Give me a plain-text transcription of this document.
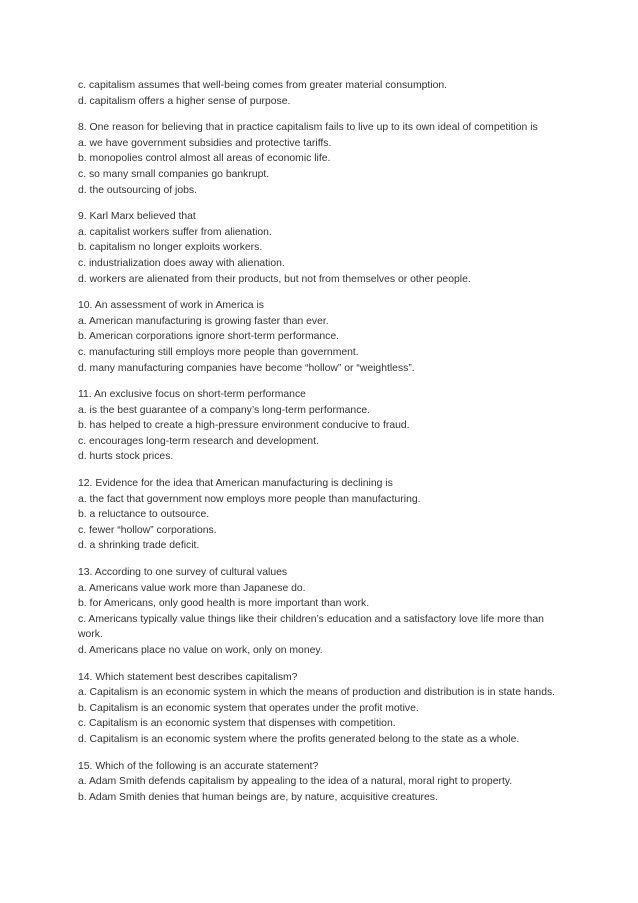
c. capitalism assumes that well-being comes from greater material consumption.
d. capitalism offers a higher sense of purpose.
8. One reason for believing that in practice capitalism fails to live up to its own ideal of competition is
a. we have government subsidies and protective tariffs.
b. monopolies control almost all areas of economic life.
c. so many small companies go bankrupt.
d. the outsourcing of jobs.
9. Karl Marx believed that
a. capitalist workers suffer from alienation.
b. capitalism no longer exploits workers.
c. industrialization does away with alienation.
d. workers are alienated from their products, but not from themselves or other people.
10. An assessment of work in America is
a. American manufacturing is growing faster than ever.
b. American corporations ignore short-term performance.
c. manufacturing still employs more people than government.
d. many manufacturing companies have become “hollow” or “weightless”.
11. An exclusive focus on short-term performance
a. is the best guarantee of a company’s long-term performance.
b. has helped to create a high-pressure environment conducive to fraud.
c. encourages long-term research and development.
d. hurts stock prices.
12. Evidence for the idea that American manufacturing is declining is
a. the fact that government now employs more people than manufacturing.
b. a reluctance to outsource.
c. fewer “hollow” corporations.
d. a shrinking trade deficit.
13. According to one survey of cultural values
a. Americans value work more than Japanese do.
b. for Americans, only good health is more important than work.
c. Americans typically value things like their children’s education and a satisfactory love life more than work.
d. Americans place no value on work, only on money.
14. Which statement best describes capitalism?
a. Capitalism is an economic system in which the means of production and distribution is in state hands.
b. Capitalism is an economic system that operates under the profit motive.
c. Capitalism is an economic system that dispenses with competition.
d. Capitalism is an economic system where the profits generated belong to the state as a whole.
15. Which of the following is an accurate statement?
a. Adam Smith defends capitalism by appealing to the idea of a natural, moral right to property.
b. Adam Smith denies that human beings are, by nature, acquisitive creatures.
